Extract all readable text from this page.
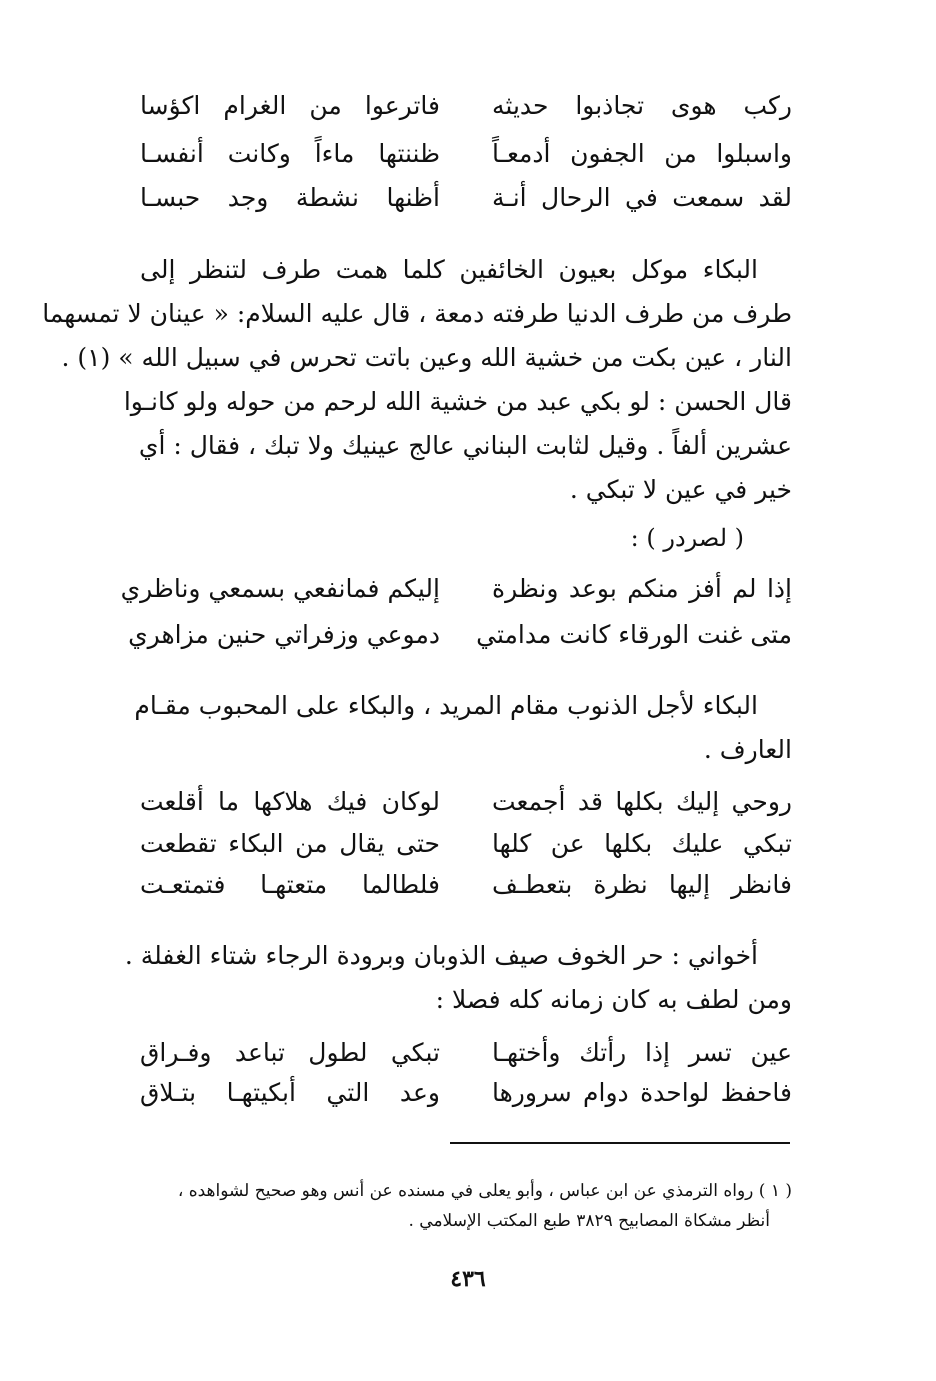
ركب هوى تجاذبوا حديثه
فاترعوا من الغرام اكؤسا
واسبلوا من الجفون أدمعـاً
ظننتها ماءاً وكانت أنفسـا
لقد سمعت في الرحال أنـة
أظنها نشطة وجد حبسـا
البكاء موكل بعيون الخائفين كلما همت طرف لتنظر إلى
طرف من طرف الدنيا طرفته دمعة ، قال عليه السلام: « عينان لا تمسهما
النار ، عين بكت من خشية الله وعين باتت تحرس في سبيل الله » (١) .
قال الحسن : لو بكي عبد من خشية الله لرحم من حوله ولو كانـوا
عشرين ألفاً . وقيل لثابت البناني عالج عينيك ولا تبك ، فقال : أي
خير في عين لا تبكي .
( لصردر ) :
إذا لم أفز منكم بوعد ونظرة
إليكم فمانفعي بسمعي وناظري
متى غنت الورقاء كانت مدامتي
دموعي وزفراتي حنين مزاهري
البكاء لأجل الذنوب مقام المريد ، والبكاء على المحبوب مقـام
العارف .
روحي إليك بكلها قد أجمعت
لوكان فيك هلاكها ما أقلعت
تبكي عليك بكلها عن كلها
حتى يقال من البكاء تقطعت
فانظر إليها نظرة بتعطـف
فلطالما متعتهـا فتمتعـت
أخواني : حر الخوف صيف الذوبان وبرودة الرجاء شتاء الغفلة .
ومن لطف به كان زمانه كله فصلا :
عين تسر إذا رأتك وأختهـا
تبكي لطول تباعد وفـراق
فاحفظ لواحدة دوام سرورها
وعد التي أبكيتهـا بتـلاق
( ١ ) رواه الترمذي عن ابن عباس ، وأبو يعلى في مسنده عن أنس وهو صحيح لشواهده ،
أنظر مشكاة المصابيح ٣٨٢٩ طبع المكتب الإسلامي .
٤٣٦
